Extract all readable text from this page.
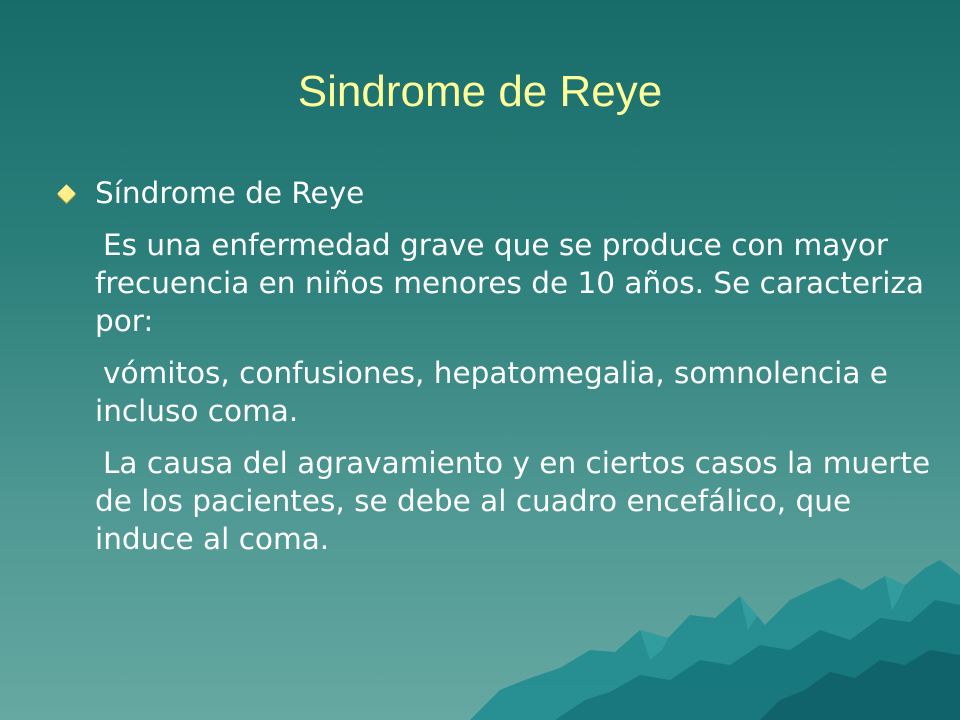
Sindrome de Reye
Síndrome de Reye
Es una enfermedad grave que se produce con mayor frecuencia en niños menores de 10 años. Se caracteriza por:
vómitos, confusiones, hepatomegalia, somnolencia e incluso coma.
La causa del agravamiento y en ciertos casos la muerte de los pacientes, se debe al cuadro encefálico, que induce al coma.
